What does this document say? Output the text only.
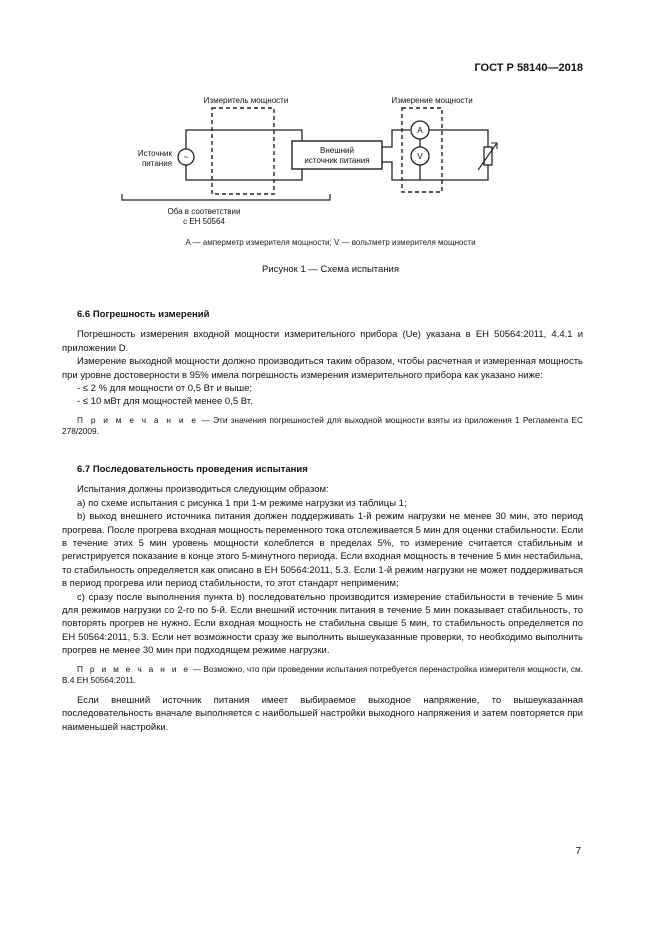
ГОСТ Р 58140—2018
Измеритель мощности	Измерение мощности
Источник
питания
~
Внешний
источник питания
A
V
Оба в соответствии
с ЕН 50564
A — амперметр измерителя мощности; V — вольтметр измерителя мощности
Рисунок 1 — Схема испытания

6.6 Погрешность измерений

Погрешность измерения входной мощности измерительного прибора (Ue) указана в ЕН 50564:2011, 4.4.1 и приложении D.

Измерение выходной мощности должно производиться таким образом, чтобы расчетная и измеренная мощность при уровне достоверности в 95% имела погрешность измерения измерительного прибора как указано ниже:

- ≤ 2 % для мощности от 0,5 Вт и выше;

- ≤ 10 мВт для мощностей менее 0,5 Вт.

П р и м е ч а н и е — Эти значения погрешностей для выходной мощности взяты из приложения 1 Регламента ЕС 278/2009.

6.7 Последовательность проведения испытания

Испытания должны производиться следующим образом:

a) по схеме испытания с рисунка 1 при 1-м режиме нагрузки из таблицы 1;

b) выход внешнего источника питания должен поддерживать 1-й режим нагрузки не менее 30 мин, это период прогрева. После прогрева входная мощность переменного тока отслеживается 5 мин для оценки стабильности. Если в течение этих 5 мин уровень мощности колеблется в пределах 5%, то измерение считается стабильным и регистрируется показание в конце этого 5-минутного периода. Если входная мощность в течение 5 мин нестабильна, то стабильность определяется как описано в ЕН 50564:2011, 5.3. Если 1-й режим нагрузки не может поддерживаться в период прогрева или период стабильности, то этот стандарт неприменим;

c) сразу после выполнения пункта b) последовательно производится измерение стабильности в течение 5 мин для режимов нагрузки со 2-го по 5-й. Если внешний источник питания в течение 5 мин показывает стабильность, то повторять прогрев не нужно. Если входная мощность не стабильна свыше 5 мин, то стабильность определяется по ЕН 50564:2011, 5.3. Если нет возможности сразу же выполнить вышеуказанные проверки, то необходимо выполнить прогрев не менее 30 мин при подходящем режиме нагрузки.

П р и м е ч а н и е — Возможно, что при проведении испытания потребуется перенастройка измерителя мощности, см. В.4 ЕН 50564:2011.

Если внешний источник питания имеет выбираемое выходное напряжение, то вышеуказанная последовательность вначале выполняется с наибольшей настройки выходного напряжения и затем повторяется при наименьшей настройки.

7
